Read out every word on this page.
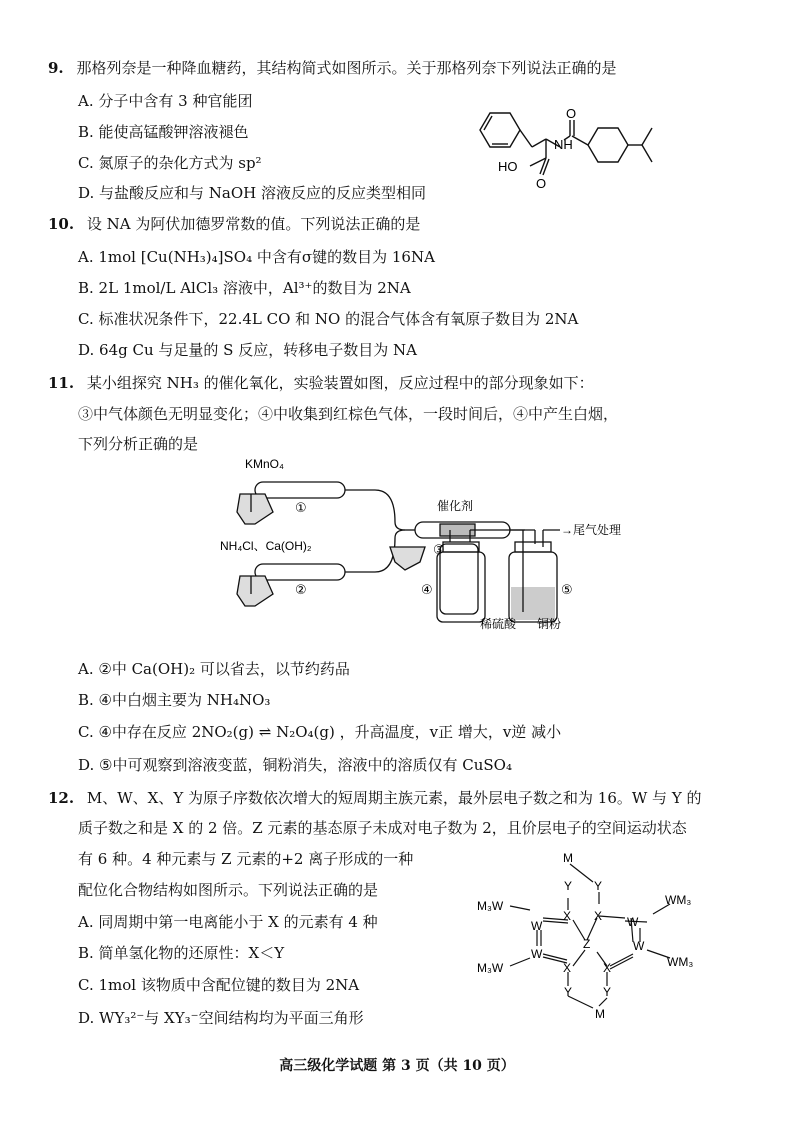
9. 那格列奈是一种降血糖药，其结构简式如图所示。关于那格列奈下列说法正确的是
A. 分子中含有 3 种官能团
B. 能使高锰酸钾溶液褪色
C. 氮原子的杂化方式为 sp²
D. 与盐酸反应和与 NaOH 溶液反应的反应类型相同
O
NH
HO
O
10. 设 NA 为阿伏加德罗常数的值。下列说法正确的是
A. 1mol [Cu(NH₃)₄]SO₄ 中含有σ键的数目为 16NA
B. 2L 1mol/L AlCl₃ 溶液中，Al³⁺的数目为 2NA
C. 标准状况条件下，22.4L CO 和 NO 的混合气体含有氧原子数目为 2NA
D. 64g Cu 与足量的 S 反应，转移电子数目为 NA
11. 某小组探究 NH₃ 的催化氧化，实验装置如图，反应过程中的部分现象如下：
③中气体颜色无明显变化；④中收集到红棕色气体，一段时间后，④中产生白烟，
下列分析正确的是
KMnO₄
①
NH₄Cl、Ca(OH)₂
②
催化剂
③
④	⑤
→尾气处理
稀硫酸 铜粉
A. ②中 Ca(OH)₂ 可以省去，以节约药品
B. ④中白烟主要为 NH₄NO₃
C. ④中存在反应 2NO₂(g) ⇌ N₂O₄(g) ，升高温度，v正 增大，v逆 减小
D. ⑤中可观察到溶液变蓝，铜粉消失，溶液中的溶质仅有 CuSO₄
12. M、W、X、Y 为原子序数依次增大的短周期主族元素，最外层电子数之和为 16。W 与 Y 的
质子数之和是 X 的 2 倍。Z 元素的基态原子未成对电子数为 2，且价层电子的空间运动状态
有 6 种。4 种元素与 Z 元素的+2 离子形成的一种
配位化合物结构如图所示。下列说法正确的是
A. 同周期中第一电离能小于 X 的元素有 4 种
B. 简单氢化物的还原性：X＜Y
C. 1mol 该物质中含配位键的数目为 2NA
D. WY₃²⁻与 XY₃⁻空间结构均为平面三角形
M
Y Y
X X
W	W
Z
W
W
X	X
Y	Y
M
M₃W
M₃W
WM₃
WM₃
高三级化学试题 第 3 页（共 10 页）
